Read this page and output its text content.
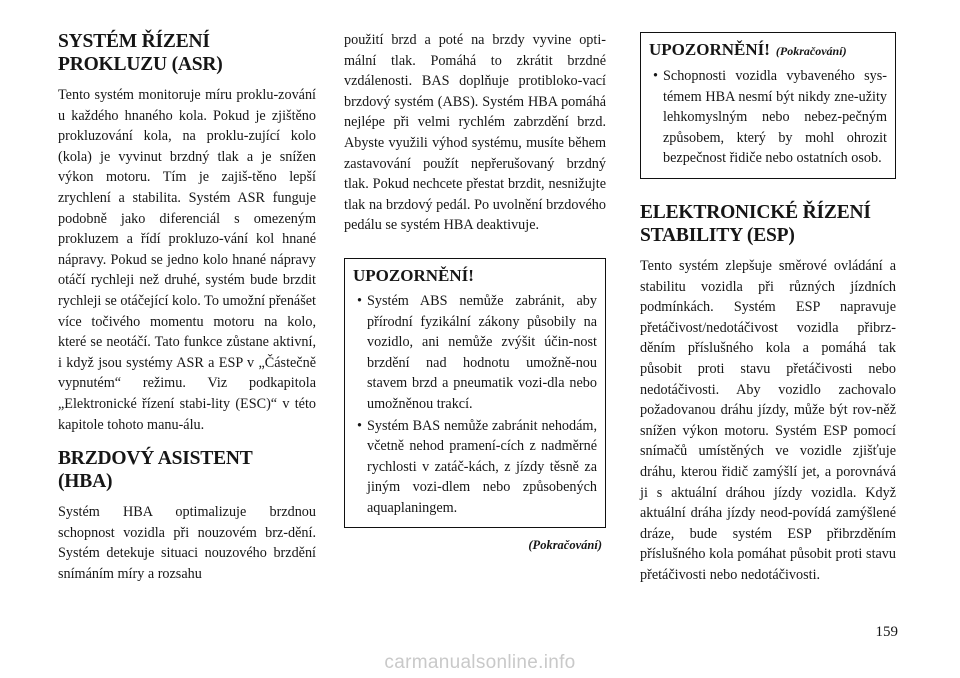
SYSTÉM ŘÍZENÍ
PROKLUZU (ASR)

Tento systém monitoruje míru proklu-zování u každého hnaného kola. Pokud je zjištěno prokluzování kola, na proklu-zující kolo (kola) je vyvinut brzdný tlak a je snížen výkon motoru. Tím je zajiš-těno lepší zrychlení a stabilita. Systém ASR funguje podobně jako diferenciál s omezeným prokluzem a řídí prokluzo-vání kol hnané nápravy. Pokud se jedno kolo hnané nápravy otáčí rychleji než druhé, systém bude brzdit rychleji se otáčející kolo. To umožní přenášet více točivého momentu motoru na kolo, které se neotáčí. Tato funkce zůstane aktivní, i když jsou systémy ASR a ESP v „Částečně vypnutém“ režimu. Viz podkapitola „Elektronické řízení stabi-lity (ESC)“ v této kapitole tohoto manu-álu.

BRZDOVÝ ASISTENT
(HBA)

Systém HBA optimalizuje brzdnou schopnost vozidla při nouzovém brz-dění. Systém detekuje situaci nouzového brzdění snímáním míry a rozsahu

použití brzd a poté na brzdy vyvine opti-mální tlak. Pomáhá to zkrátit brzdné vzdálenosti. BAS doplňuje protibloko-vací brzdový systém (ABS). Systém HBA pomáhá nejlépe při velmi rychlém zabrzdění brzd. Abyste využili výhod systému, musíte během zastavování použít nepřerušovaný brzdný tlak. Pokud nechcete přestat brzdit, nesnižujte tlak na brzdový pedál. Po uvolnění brzdového pedálu se systém HBA deaktivuje.

UPOZORNĚNÍ!
• Systém ABS nemůže zabránit, aby přírodní fyzikální zákony působily na vozidlo, ani nemůže zvýšit účin-nost brzdění nad hodnotu umožně-nou stavem brzd a pneumatik vozi-dla nebo umožněnou trakcí.
• Systém BAS nemůže zabránit nehodám, včetně nehod pramení-cích z nadměrné rychlosti v zatáč-kách, z jízdy těsně za jiným vozi-dlem nebo způsobených aquaplaningem.
(Pokračování)
UPOZORNĚNÍ! (Pokračování)
• Schopnosti vozidla vybaveného sys-témem HBA nesmí být nikdy zne-užity lehkomyslným nebo nebez-pečným způsobem, který by mohl ohrozit bezpečnost řidiče nebo ostatních osob.
ELEKTRONICKÉ ŘÍZENÍ
STABILITY (ESP)

Tento systém zlepšuje směrové ovládání a stabilitu vozidla při různých jízdních podmínkách. Systém ESP napravuje přetáčivost/nedotáčivost vozidla přibrz-děním příslušného kola a pomáhá tak působit proti stavu přetáčivosti nebo nedotáčivosti. Aby vozidlo zachovalo požadovanou dráhu jízdy, může být rov-něž snížen výkon motoru. Systém ESP pomocí snímačů umístěných ve vozidle zjišťuje dráhu, kterou řidič zamýšlí jet, a porovnává ji s aktuální dráhou jízdy vozidla. Když aktuální dráha jízdy neod-povídá zamýšlené dráze, bude systém ESP přibrzděním příslušného kola pomáhat působit proti stavu přetáčivosti nebo nedotáčivosti.

159
carmanualsonline.info
